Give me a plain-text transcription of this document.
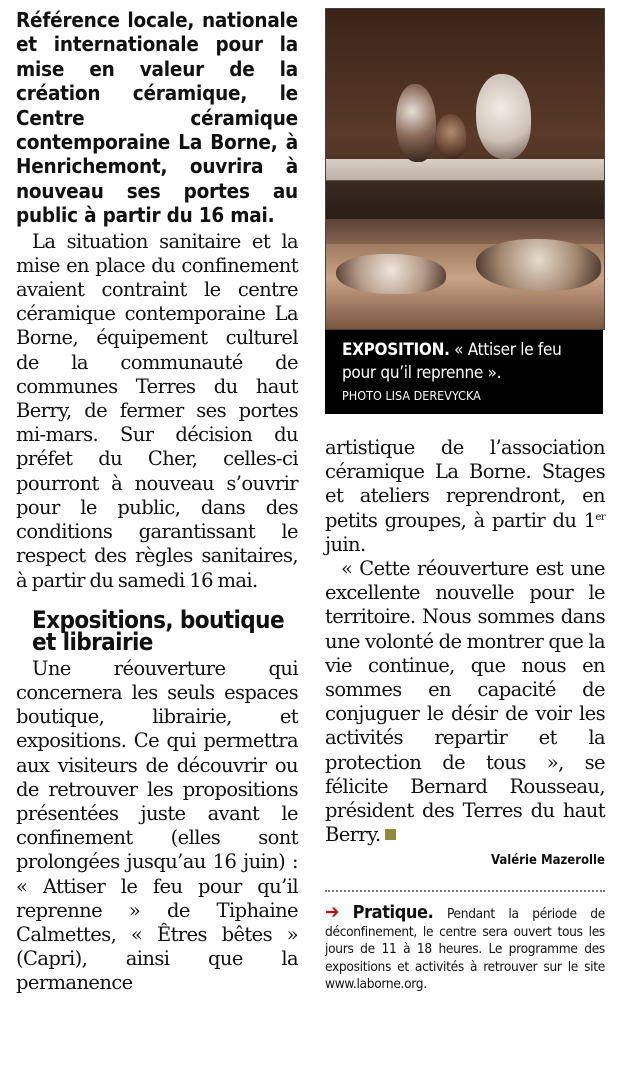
Référence locale, nationale et internationale pour la mise en valeur de la création céramique, le Centre céramique contemporaine La Borne, à Henrichemont, ouvrira à nouveau ses portes au public à partir du 16 mai.

La situation sanitaire et la mise en place du confinement avaient contraint le centre céramique contemporaine La Borne, équipement culturel de la communauté de communes Terres du haut Berry, de fermer ses portes mi-mars. Sur décision du préfet du Cher, celles-ci pourront à nouveau s’ouvrir pour le public, dans des conditions garantissant le respect des règles sanitaires, à partir du samedi 16 mai.

Expositions, boutique et librairie

Une réouverture qui concernera les seuls espaces boutique, librairie, et expositions. Ce qui permettra aux visiteurs de découvrir ou de retrouver les propositions présentées juste avant le confinement (elles sont prolongées jusqu’au 16 juin) : « Attiser le feu pour qu’il reprenne » de Tiphaine Calmettes, « Êtres bêtes » (Capri), ainsi que la permanence

EXPOSITION. « Attiser le feu pour qu’il reprenne ».
PHOTO LISA DEREVYCKA

artistique de l’association céramique La Borne. Stages et ateliers reprendront, en petits groupes, à partir du 1er juin.

« Cette réouverture est une excellente nouvelle pour le territoire. Nous sommes dans une volonté de montrer que la vie continue, que nous en sommes en capacité de conjuguer le désir de voir les activités repartir et la protection de tous », se félicite Bernard Rousseau, président des Terres du haut Berry.

Valérie Mazerolle
➔ Pratique. Pendant la période de déconfinement, le centre sera ouvert tous les jours de 11 à 18 heures. Le programme des expositions et activités à retrouver sur le site www.laborne.org.
